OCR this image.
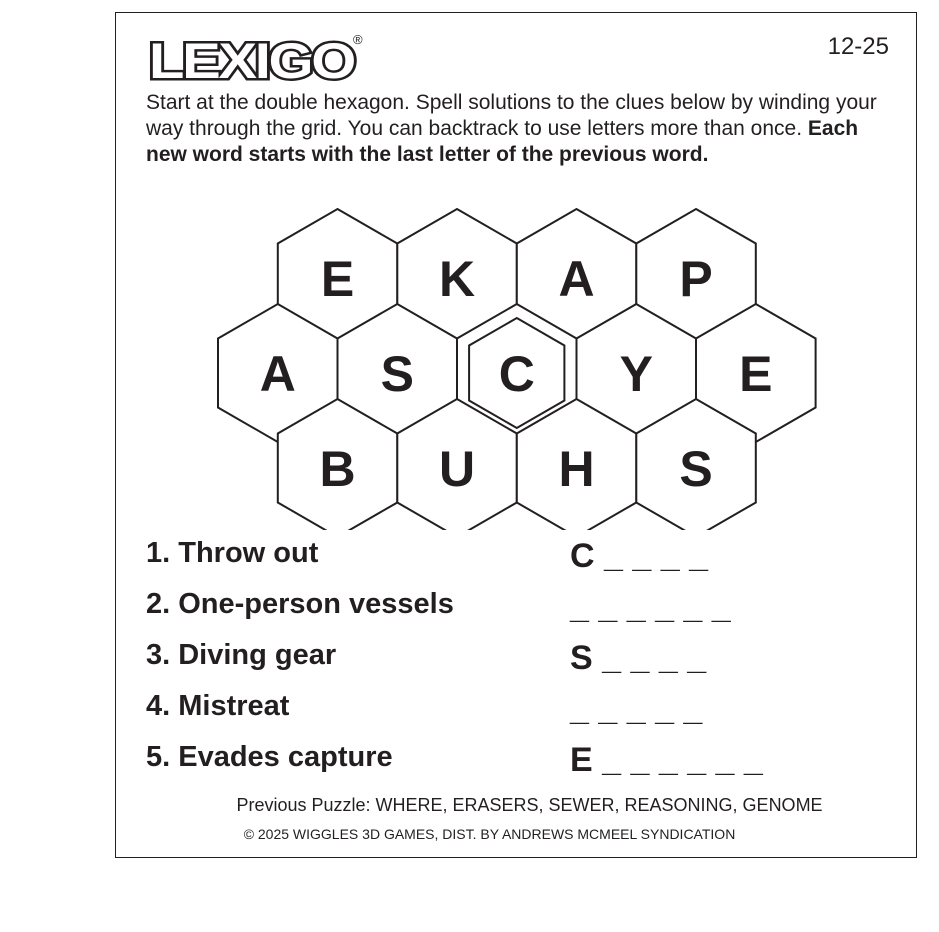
LEXIGO
®	12-25

Start at the double hexagon. Spell solutions to the clues below by winding your way through the grid. You can backtrack to use letters more than once. Each new word starts with the last letter of the previous word.

E K A P
A S C Y E
B U H S
1. Throw out	C _ _ _ _
2. One-person vessels	_ _ _ _ _ _
3. Diving gear	S _ _ _ _
4. Mistreat	_ _ _ _ _
5. Evades capture	E _ _ _ _ _ _
Previous Puzzle: WHERE, ERASERS, SEWER, REASONING, GENOME
© 2025 WIGGLES 3D GAMES, DIST. BY ANDREWS MCMEEL SYNDICATION
